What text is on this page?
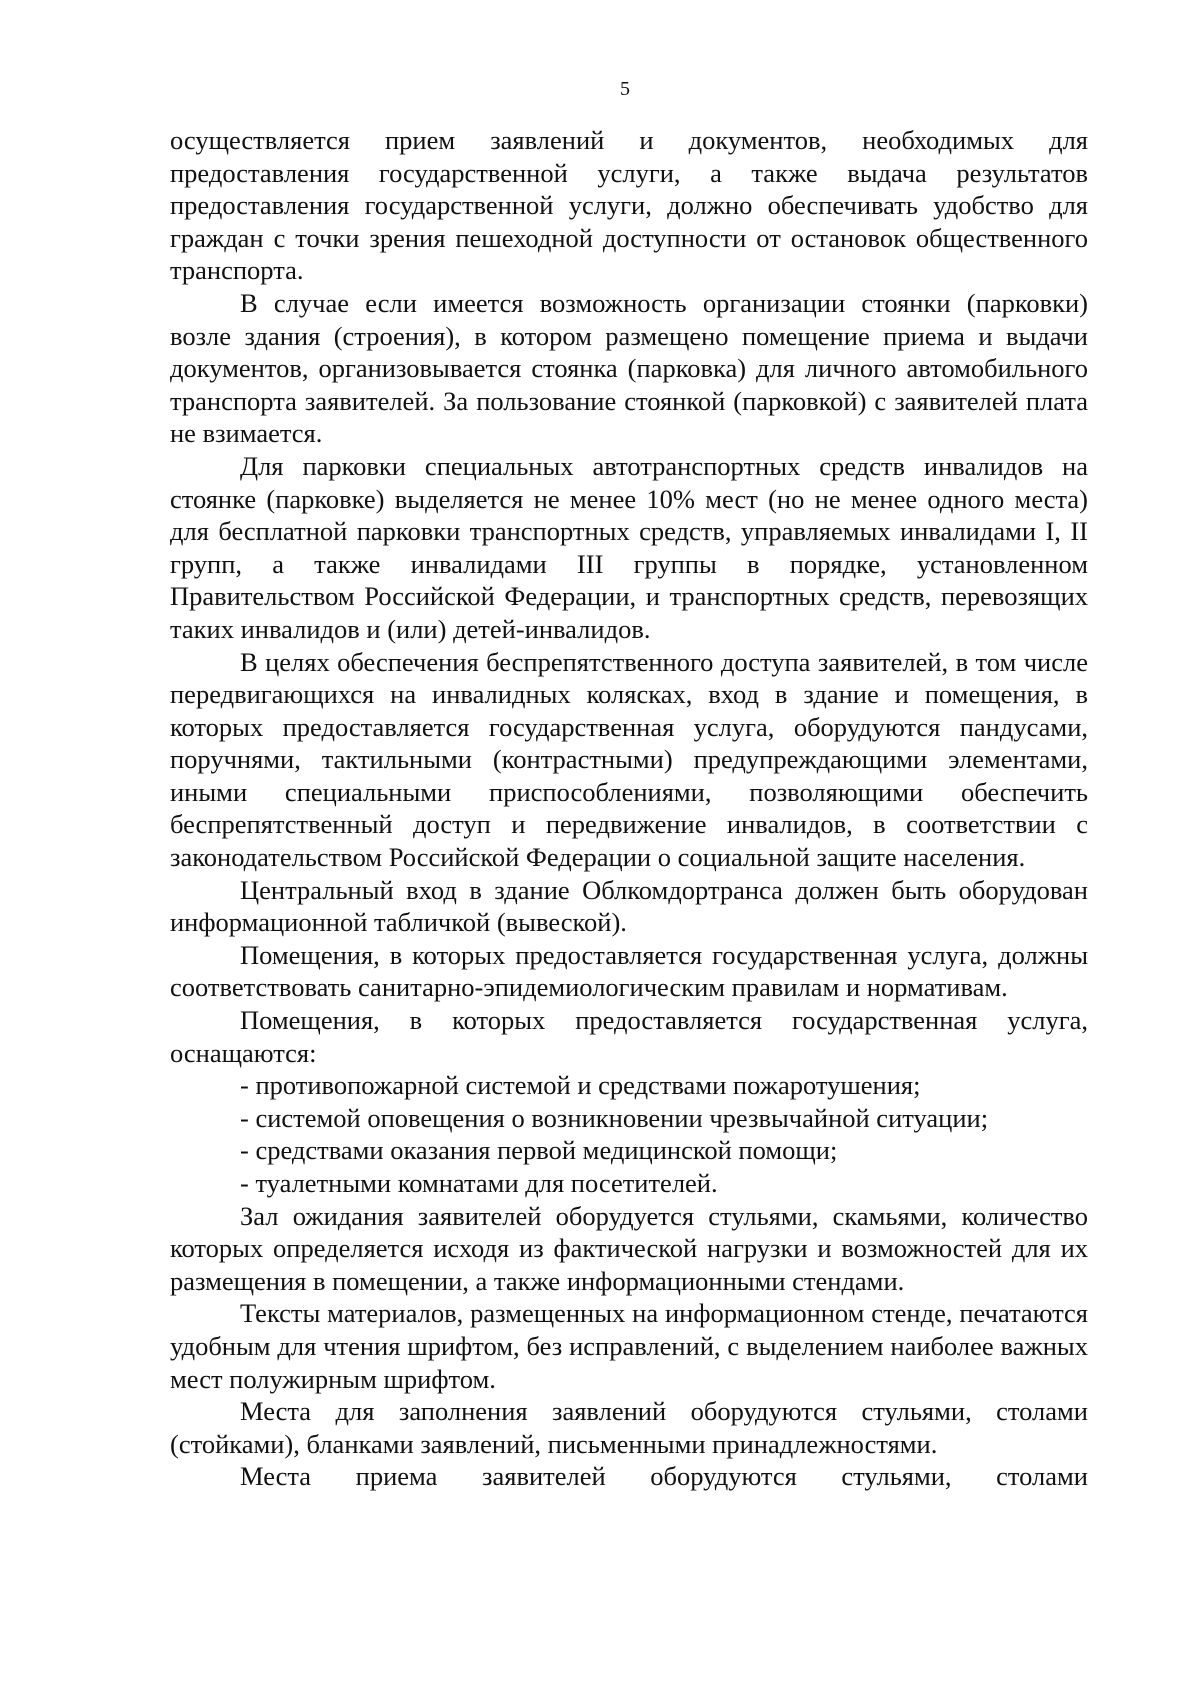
5

осуществляется прием заявлений и документов, необходимых для предоставления государственной услуги, а также выдача результатов предоставления государственной услуги, должно обеспечивать удобство для граждан с точки зрения пешеходной доступности от остановок общественного транспорта.

В случае если имеется возможность организации стоянки (парковки) возле здания (строения), в котором размещено помещение приема и выдачи документов, организовывается стоянка (парковка) для личного автомобильного транспорта заявителей. За пользование стоянкой (парковкой) с заявителей плата не взимается.

Для парковки специальных автотранспортных средств инвалидов на стоянке (парковке) выделяется не менее 10% мест (но не менее одного места) для бесплатной парковки транспортных средств, управляемых инвалидами I, II групп, а также инвалидами III группы в порядке, установленном Правительством Российской Федерации, и транспортных средств, перевозящих таких инвалидов и (или) детей-инвалидов.

В целях обеспечения беспрепятственного доступа заявителей, в том числе передвигающихся на инвалидных колясках, вход в здание и помещения, в которых предоставляется государственная услуга, оборудуются пандусами, поручнями, тактильными (контрастными) предупреждающими элементами, иными специальными приспособлениями, позволяющими обеспечить беспрепятственный доступ и передвижение инвалидов, в соответствии с законодательством Российской Федерации о социальной защите населения.

Центральный вход в здание Облкомдортранса должен быть оборудован информационной табличкой (вывеской).

Помещения, в которых предоставляется государственная услуга, должны соответствовать санитарно-эпидемиологическим правилам и нормативам.

Помещения, в которых предоставляется государственная услуга, оснащаются:

- противопожарной системой и средствами пожаротушения;

- системой оповещения о возникновении чрезвычайной ситуации;

- средствами оказания первой медицинской помощи;

- туалетными комнатами для посетителей.

Зал ожидания заявителей оборудуется стульями, скамьями, количество которых определяется исходя из фактической нагрузки и возможностей для их размещения в помещении, а также информационными стендами.

Тексты материалов, размещенных на информационном стенде, печатаются удобным для чтения шрифтом, без исправлений, с выделением наиболее важных мест полужирным шрифтом.

Места для заполнения заявлений оборудуются стульями, столами (стойками), бланками заявлений, письменными принадлежностями.

Места приема заявителей оборудуются стульями, столами
